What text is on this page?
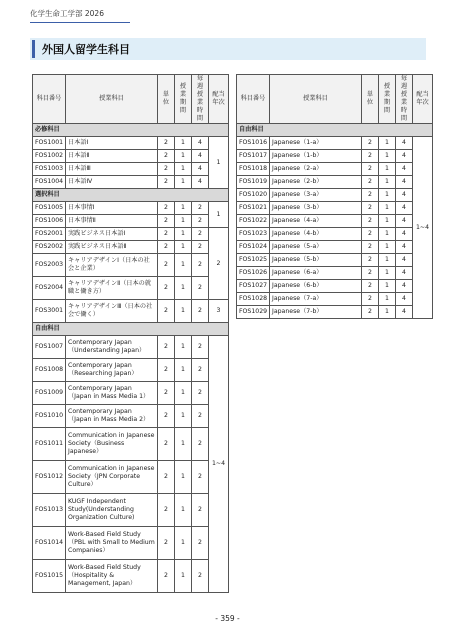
化学生命工学部 2026
外国人留学生科目
科目番号	授業科目	単位	授業期間	毎週授業時間	配当年次
必修科目					
FOS1001	日本語Ⅰ	2	1	4	1
FOS1002	日本語Ⅱ	2	1	4	
FOS1003	日本語Ⅲ	2	1	4	
FOS1004	日本語Ⅳ	2	1	4	
選択科目					
FOS1005	日本事情Ⅰ	2	1	2	1
FOS1006	日本事情Ⅱ	2	1	2	
FOS2001	実践ビジネス日本語Ⅰ	2	1	2	2
FOS2002	実践ビジネス日本語Ⅱ	2	1	2	
FOS2003	キャリアデザインⅠ（日本の社会と企業）	2	1	2	
FOS2004	キャリアデザインⅡ（日本の就職と働き方）	2	1	2	
FOS3001	キャリアデザインⅢ（日本の社会で働く）	2	1	2	3
自由科目					
FOS1007	Contemporary Japan（Understanding Japan）	2	1	2	1~4
FOS1008	Contemporary Japan（Researching Japan）	2	1	2	
FOS1009	Contemporary Japan（Japan in Mass Media 1）	2	1	2	
FOS1010	Contemporary Japan（Japan in Mass Media 2）	2	1	2	
FOS1011	Communication in Japanese Society（Business Japanese）	2	1	2	
FOS1012	Communication in Japanese Society（JPN Corporate Culture）	2	1	2	
FOS1013	KUGF Independent Study(Understanding Organization Culture)	2	1	2	
FOS1014	Work-Based Field Study（PBL with Small to Medium Companies）	2	1	2	
FOS1015	Work-Based Field Study（Hospitality & Management, Japan）	2	1	2	
科目番号	授業科目	単位	授業期間	毎週授業時間	配当年次
自由科目					
FOS1016	Japanese（1-a）	2	1	4	1~4
FOS1017	Japanese（1-b）	2	1	4	
FOS1018	Japanese（2-a）	2	1	4	
FOS1019	Japanese（2-b）	2	1	4	
FOS1020	Japanese（3-a）	2	1	4	
FOS1021	Japanese（3-b）	2	1	4	
FOS1022	Japanese（4-a）	2	1	4	
FOS1023	Japanese（4-b）	2	1	4	
FOS1024	Japanese（5-a）	2	1	4	
FOS1025	Japanese（5-b）	2	1	4	
FOS1026	Japanese（6-a）	2	1	4	
FOS1027	Japanese（6-b）	2	1	4	
FOS1028	Japanese（7-a）	2	1	4	
FOS1029	Japanese（7-b）	2	1	4	
- 359 -
